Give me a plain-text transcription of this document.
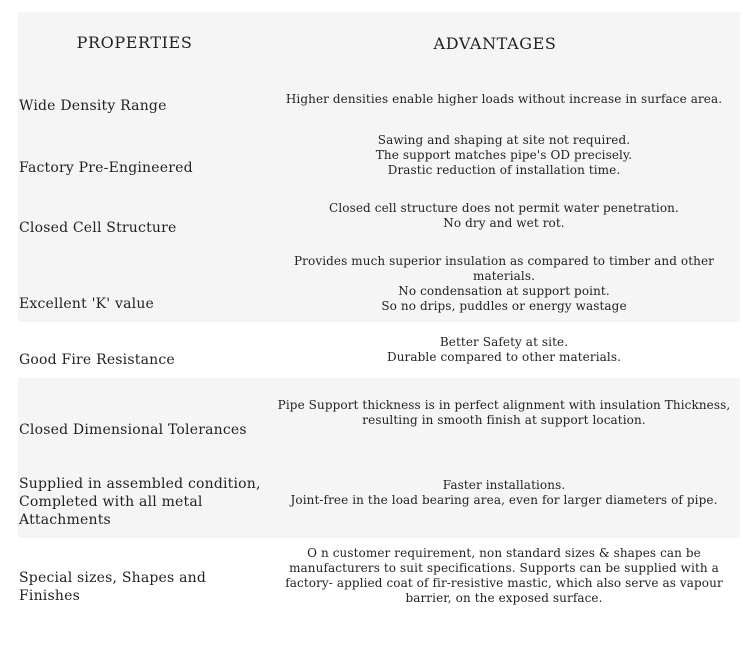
PROPERTIES	ADVANTAGES
Wide Density Range	Higher densities enable higher loads without increase in surface area.
Factory Pre-Engineered
Sawing and shaping at site not required.
The support matches pipe's OD precisely.
Drastic reduction of installation time.
Closed Cell Structure
Closed cell structure does not permit water penetration.
No dry and wet rot.
Excellent 'K' value
Provides much superior insulation as compared to timber and other materials.
No condensation at support point.
So no drips, puddles or energy wastage
Good Fire Resistance
Better Safety at site.
Durable compared to other materials.
Closed Dimensional Tolerances
Pipe Support thickness is in perfect alignment with insulation Thickness, resulting in smooth finish at support location.
Supplied in assembled condition, Completed with all metal Attachments
Faster installations.
Joint-free in the load bearing area, even for larger diameters of pipe.
Special sizes, Shapes and Finishes
O n customer requirement, non standard sizes & shapes can be manufacturers to suit specifications. Supports can be supplied with a factory- applied coat of fir-resistive mastic, which also serve as vapour barrier, on the exposed surface.
